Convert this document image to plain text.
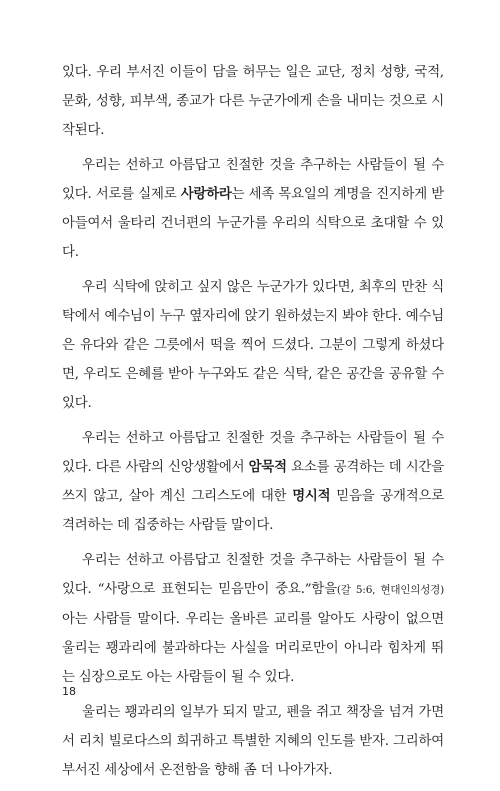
있다. 우리 부서진 이들이 담을 허무는 일은 교단, 정치 성향, 국적, 문화, 성향, 피부색, 종교가 다른 누군가에게 손을 내미는 것으로 시작된다.

우리는 선하고 아름답고 친절한 것을 추구하는 사람들이 될 수 있다. 서로를 실제로 사랑하라는 세족 목요일의 계명을 진지하게 받아들여서 울타리 건너편의 누군가를 우리의 식탁으로 초대할 수 있다.

우리 식탁에 앉히고 싶지 않은 누군가가 있다면, 최후의 만찬 식탁에서 예수님이 누구 옆자리에 앉기 원하셨는지 봐야 한다. 예수님은 유다와 같은 그릇에서 떡을 찍어 드셨다. 그분이 그렇게 하셨다면, 우리도 은혜를 받아 누구와도 같은 식탁, 같은 공간을 공유할 수 있다.

우리는 선하고 아름답고 친절한 것을 추구하는 사람들이 될 수 있다. 다른 사람의 신앙생활에서 암묵적 요소를 공격하는 데 시간을 쓰지 않고, 살아 계신 그리스도에 대한 명시적 믿음을 공개적으로 격려하는 데 집중하는 사람들 말이다.

우리는 선하고 아름답고 친절한 것을 추구하는 사람들이 될 수 있다. “사랑으로 표현되는 믿음만이 중요.”함을(갈 5:6, 현대인의성경) 아는 사람들 말이다. 우리는 올바른 교리를 알아도 사랑이 없으면 울리는 꽹과리에 불과하다는 사실을 머리로만이 아니라 힘차게 뛰는 심장으로도 아는 사람들이 될 수 있다.

울리는 꽹과리의 일부가 되지 말고, 펜을 쥐고 책장을 넘겨 가면서 리치 빌로다스의 희귀하고 특별한 지혜의 인도를 받자. 그리하여 부서진 세상에서 온전함을 향해 좀 더 나아가자.

18
